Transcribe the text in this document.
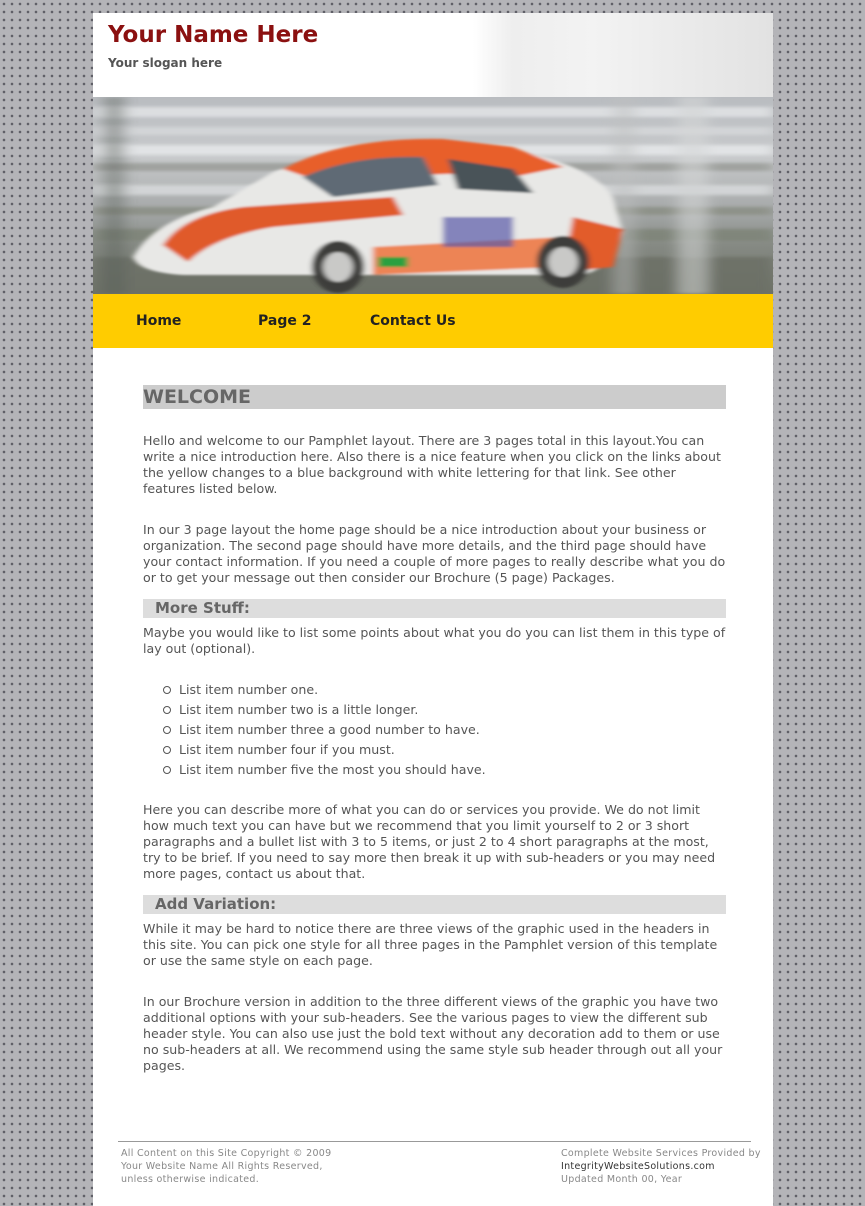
Your Name Here
Your slogan here
Home	Page 2	Contact Us
WELCOME

Hello and welcome to our Pamphlet layout. There are 3 pages total in this layout.You can write a nice introduction here. Also there is a nice feature when you click on the links about the yellow changes to a blue background with white lettering for that link. See other features listed below.

In our 3 page layout the home page should be a nice introduction about your business or organization. The second page should have more details, and the third page should have your contact information. If you need a couple of more pages to really describe what you do or to get your message out then consider our Brochure (5 page) Packages.

More Stuff:

Maybe you would like to list some points about what you do you can list them in this type of lay out (optional).

List item number one.
List item number two is a little longer.
List item number three a good number to have.
List item number four if you must.
List item number five the most you should have.

Here you can describe more of what you can do or services you provide. We do not limit how much text you can have but we recommend that you limit yourself to 2 or 3 short paragraphs and a bullet list with 3 to 5 items, or just 2 to 4 short paragraphs at the most, try to be brief. If you need to say more then break it up with sub-headers or you may need more pages, contact us about that.

Add Variation:

While it may be hard to notice there are three views of the graphic used in the headers in this site. You can pick one style for all three pages in the Pamphlet version of this template or use the same style on each page.

In our Brochure version in addition to the three different views of the graphic you have two additional options with your sub-headers. See the various pages to view the different sub header style. You can also use just the bold text without any decoration add to them or use no sub-headers at all. We recommend using the same style sub header through out all your pages.

All Content on this Site Copyright © 2009
Your Website Name All Rights Reserved,
unless otherwise indicated.
Complete Website Services Provided by
IntegrityWebsiteSolutions.com
Updated Month 00, Year
